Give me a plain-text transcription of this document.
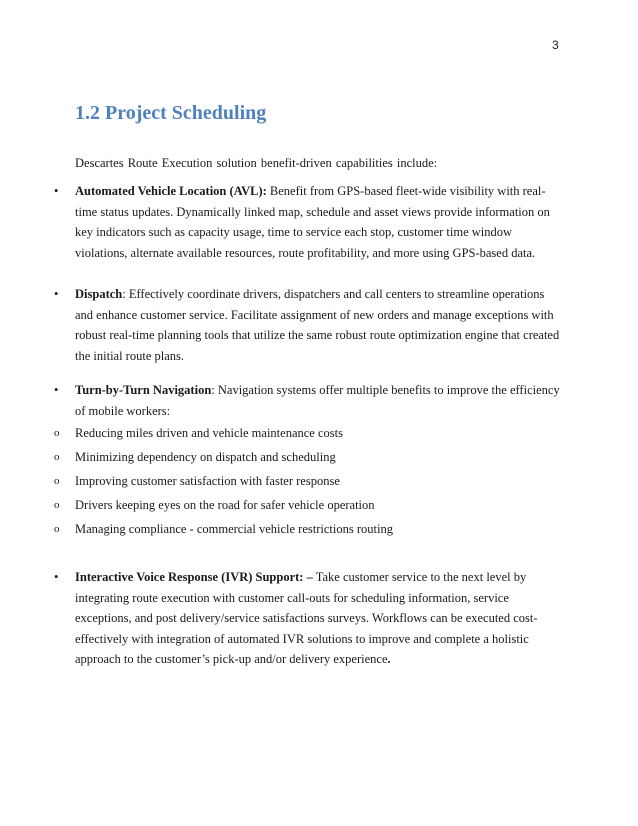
3
1.2 Project Scheduling

Descartes Route Execution solution benefit-driven capabilities include:

•	Automated Vehicle Location (AVL): Benefit from GPS-based fleet-wide visibility with real-time status updates. Dynamically linked map, schedule and asset views provide information on key indicators such as capacity usage, time to service each stop, customer time window violations, alternate available resources, route profitability, and more using GPS-based data.

•	Dispatch: Effectively coordinate drivers, dispatchers and call centers to streamline operations and enhance customer service. Facilitate assignment of new orders and manage exceptions with robust real-time planning tools that utilize the same robust route optimization engine that created the initial route plans.

•	Turn-by-Turn Navigation: Navigation systems offer multiple benefits to improve the efficiency of mobile workers:

o	Reducing miles driven and vehicle maintenance costs
o	Minimizing dependency on dispatch and scheduling
o	Improving customer satisfaction with faster response
o	Drivers keeping eyes on the road for safer vehicle operation
o	Managing compliance - commercial vehicle restrictions routing
•	Interactive Voice Response (IVR) Support: – Take customer service to the next level by integrating route execution with customer call-outs for scheduling information, service exceptions, and post delivery/service satisfactions surveys. Workflows can be executed cost-effectively with integration of automated IVR solutions to improve and complete a holistic approach to the customer’s pick-up and/or delivery experience.
